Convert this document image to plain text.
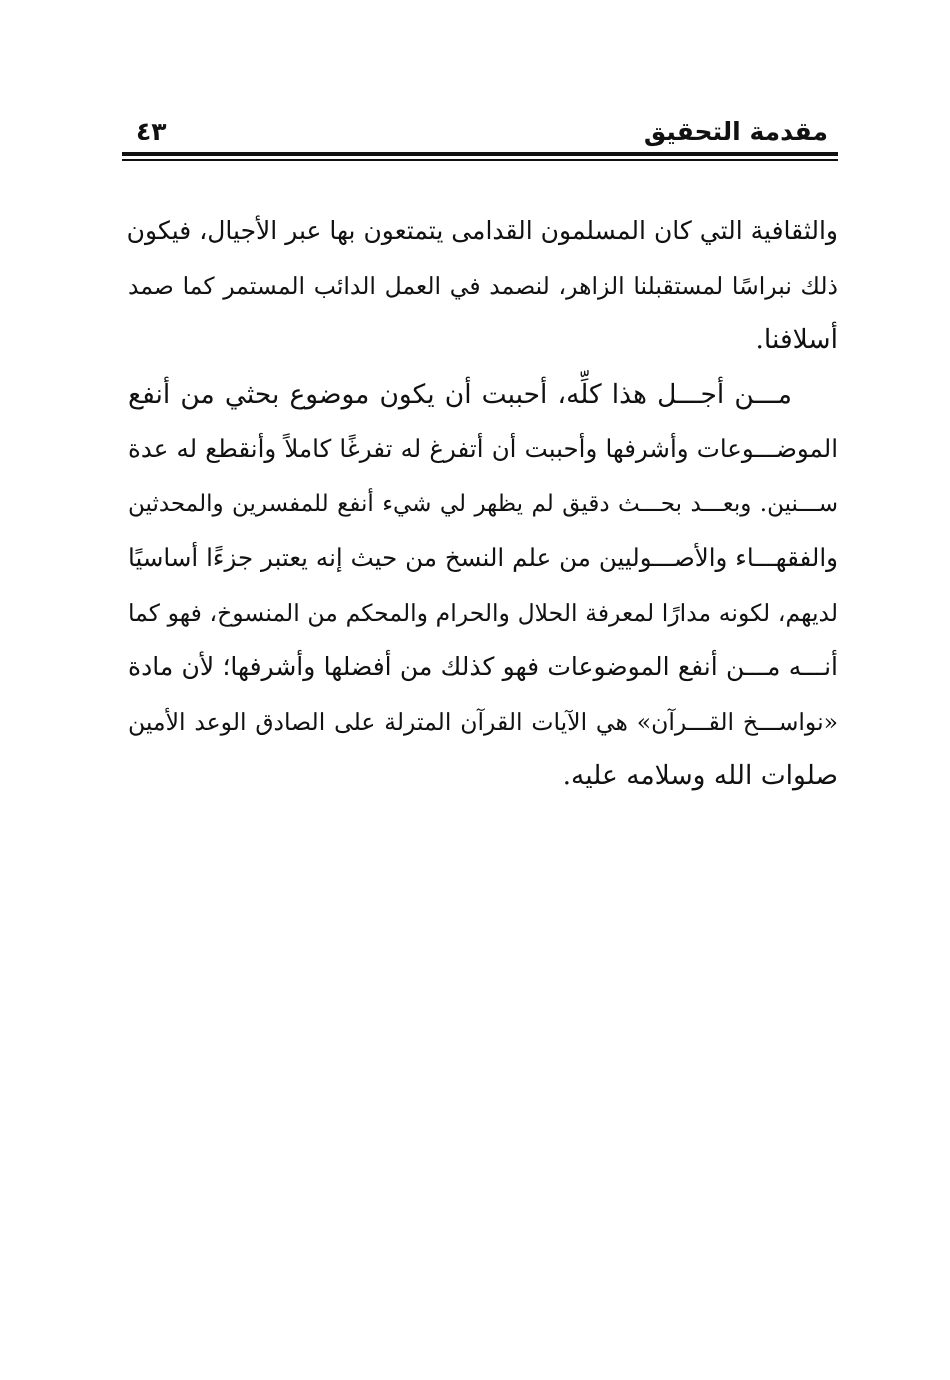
مقدمة التحقيق
٤٣
والثقافية التي كان المسلمون القدامى يتمتعون بها عبر الأجيال، فيكون
ذلك نبراسًا لمستقبلنا الزاهر، لنصمد في العمل الدائب المستمر كما صمد
أسلافنا.
مـــن أجـــل هذا كلِّه، أحببت أن يكون موضوع بحثي من أنفع
الموضـــوعات وأشرفها وأحببت أن أتفرغ له تفرغًا كاملاً وأنقطع له عدة
ســـنين. وبعـــد بحـــث دقيق لم يظهر لي شيء أنفع للمفسرين والمحدثين
والفقهـــاء والأصـــوليين من علم النسخ من حيث إنه يعتبر جزءًا أساسيًا
لديهم، لكونه مدارًا لمعرفة الحلال والحرام والمحكم من المنسوخ، فهو كما
أنـــه مـــن أنفع الموضوعات فهو كذلك من أفضلها وأشرفها؛ لأن مادة
«نواســـخ القـــرآن» هي الآيات القرآن المترلة على الصادق الوعد الأمين
صلوات الله وسلامه عليه.
